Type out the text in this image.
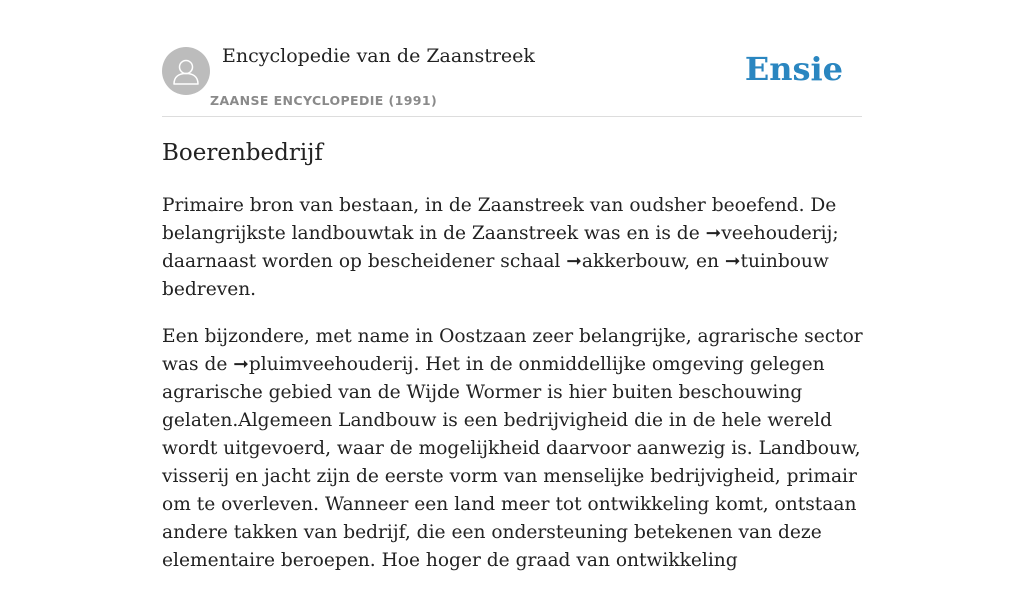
Encyclopedie van de Zaanstreek
ZAANSE ENCYCLOPEDIE (1991)
Ensie
Boerenbedrijf

Primaire bron van bestaan, in de Zaanstreek van oudsher beoefend. De belangrijkste landbouwtak in de Zaanstreek was en is de ➞veehouderij; daarnaast worden op bescheidener schaal ➞akkerbouw, en ➞tuinbouw bedreven.

Een bijzondere, met name in Oostzaan zeer belangrijke, agrarische sector was de ➞pluimveehouderij. Het in de onmiddellijke omgeving gelegen agrarische gebied van de Wijde Wormer is hier buiten beschouwing gelaten.Algemeen Landbouw is een bedrijvigheid die in de hele wereld wordt uitgevoerd, waar de mogelijkheid daarvoor aanwezig is. Landbouw, visserij en jacht zijn de eerste vorm van menselijke bedrijvigheid, primair om te overleven. Wanneer een land meer tot ontwikkeling komt, ontstaan andere takken van bedrijf, die een ondersteuning betekenen van deze elementaire beroepen. Hoe hoger de graad van ontwikkeling
